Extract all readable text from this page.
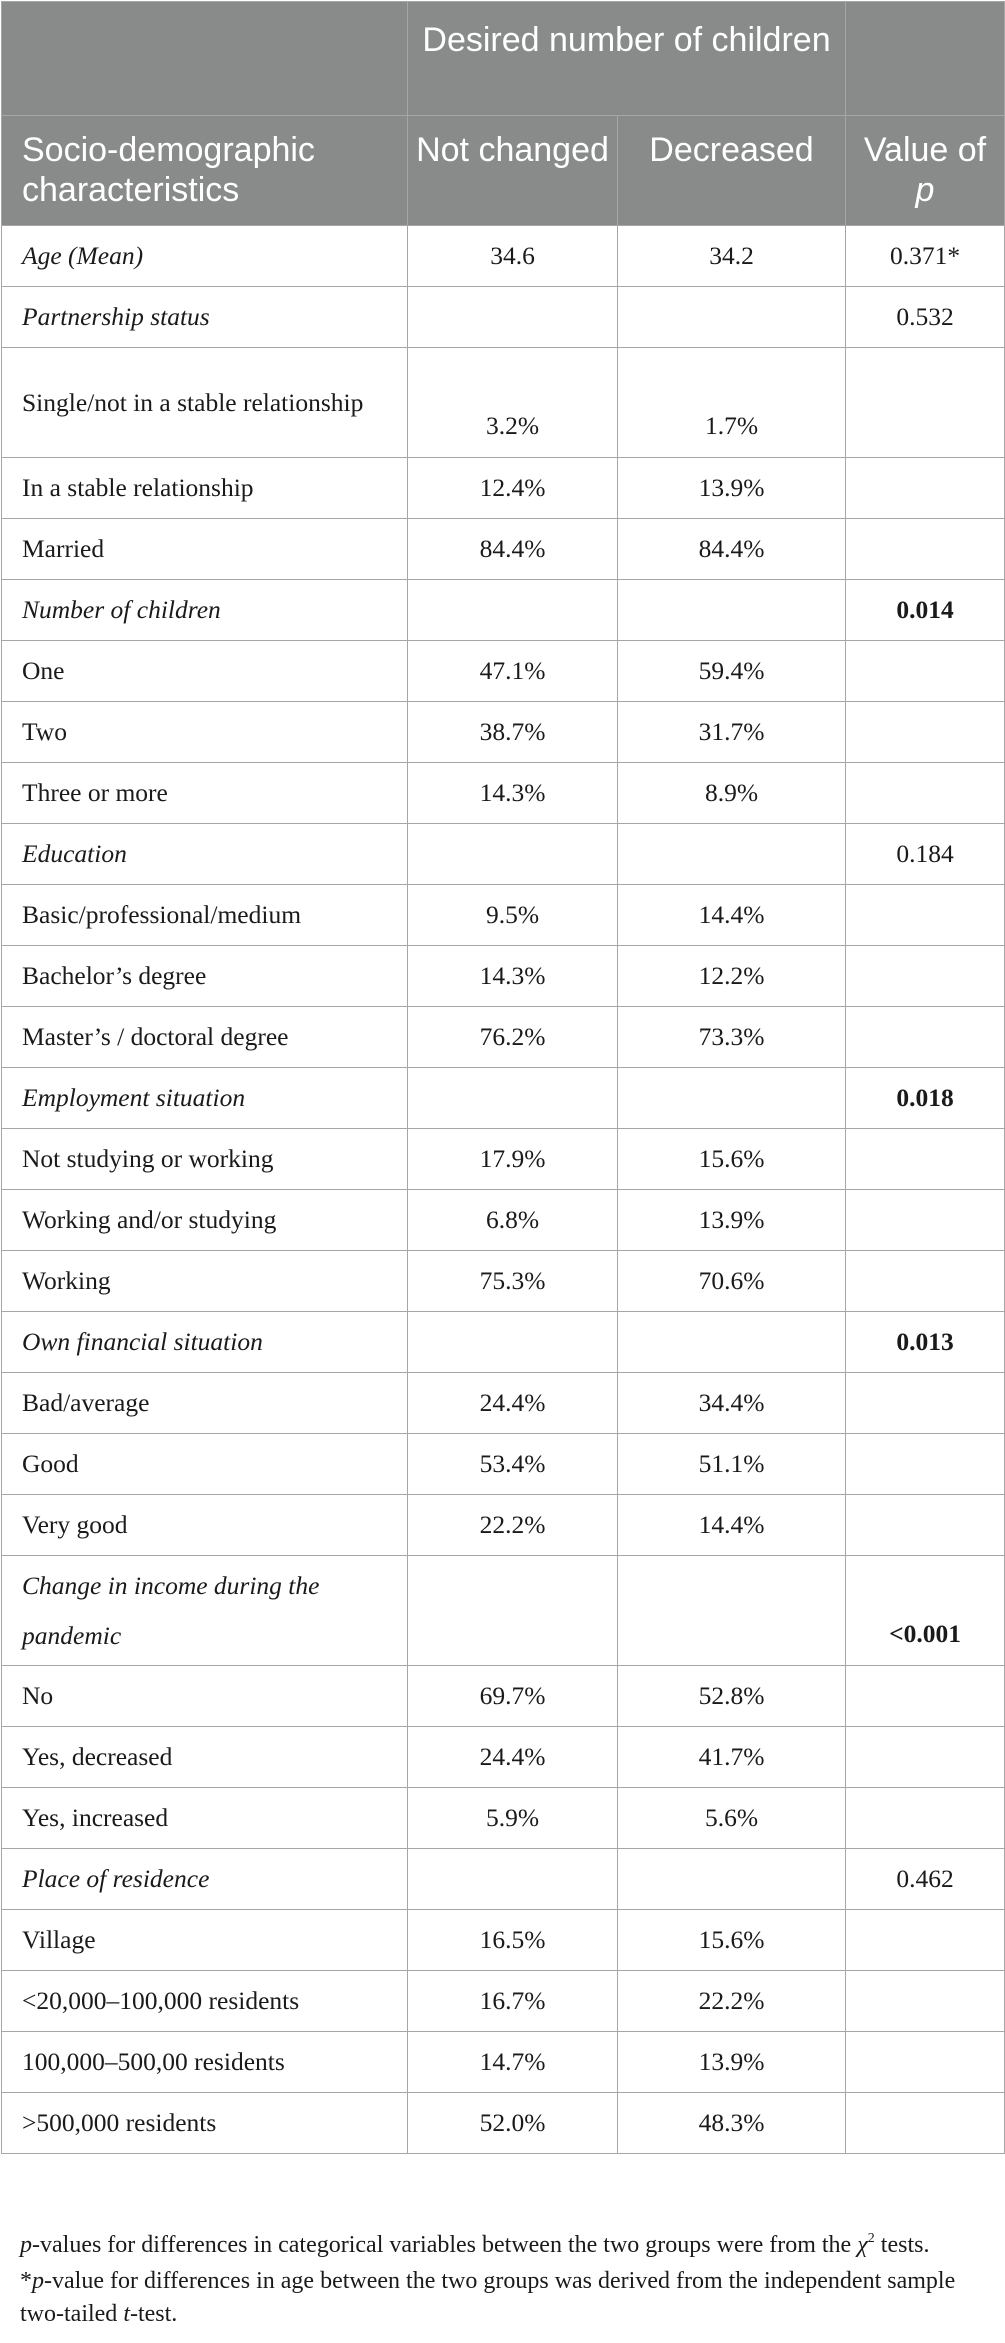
	Desired number of children		
Socio-demographic characteristics	Not changed	Decreased	Value of p
Age (Mean)	34.6	34.2	0.371*
Partnership status			0.532
Single/not in a stable relationship	3.2%	1.7%	
In a stable relationship	12.4%	13.9%	
Married	84.4%	84.4%	
Number of children			0.014
One	47.1%	59.4%	
Two	38.7%	31.7%	
Three or more	14.3%	8.9%	
Education			0.184
Basic/professional/medium	9.5%	14.4%	
Bachelor’s degree	14.3%	12.2%	
Master’s / doctoral degree	76.2%	73.3%	
Employment situation			0.018
Not studying or working	17.9%	15.6%	
Working and/or studying	6.8%	13.9%	
Working	75.3%	70.6%	
Own financial situation			0.013
Bad/average	24.4%	34.4%	
Good	53.4%	51.1%	
Very good	22.2%	14.4%	
Change in income during the pandemic			<0.001
No	69.7%	52.8%	
Yes, decreased	24.4%	41.7%	
Yes, increased	5.9%	5.6%	
Place of residence			0.462
Village	16.5%	15.6%	
<20,000–100,000 residents	16.7%	22.2%	
100,000–500,00 residents	14.7%	13.9%	
>500,000 residents	52.0%	48.3%	
p-values for differences in categorical variables between the two groups were from the $\chi^2$ tests.
*p-value for differences in age between the two groups was derived from the independent sample two-tailed t-test.
